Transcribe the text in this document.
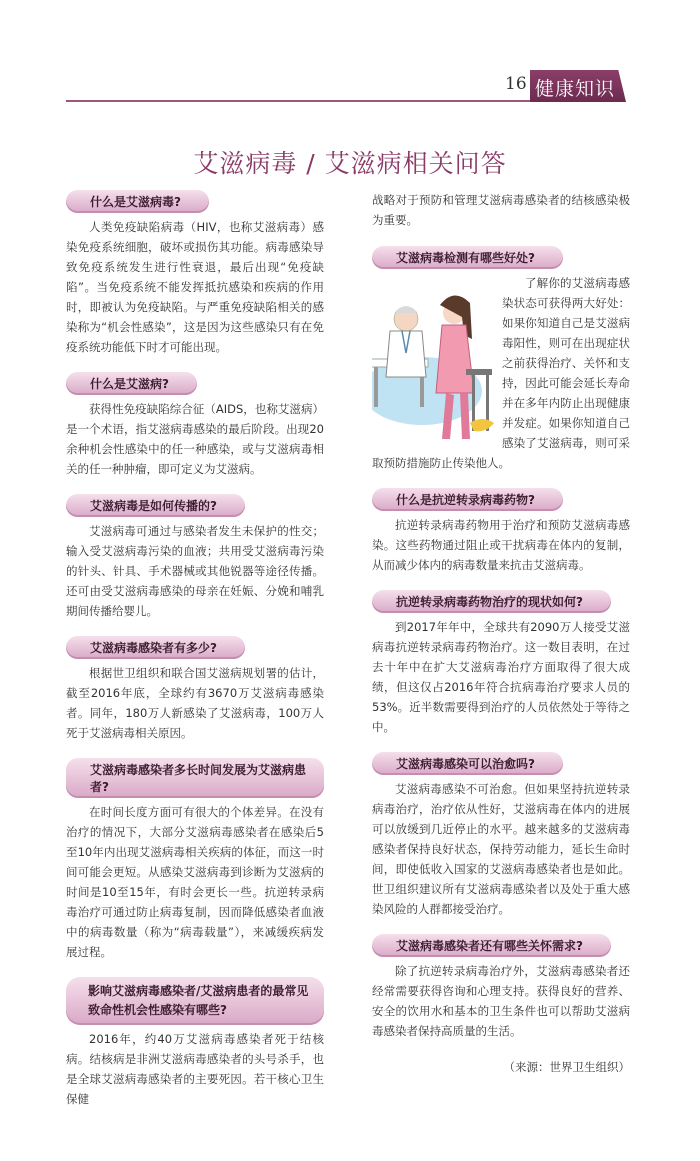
16 健康知识
艾滋病毒 / 艾滋病相关问答
什么是艾滋病毒?

人类免疫缺陷病毒（HIV，也称艾滋病毒）感染免疫系统细胞，破坏或损伤其功能。病毒感染导致免疫系统发生进行性衰退，最后出现“免疫缺陷”。当免疫系统不能发挥抵抗感染和疾病的作用时，即被认为免疫缺陷。与严重免疫缺陷相关的感染称为“机会性感染”，这是因为这些感染只有在免疫系统功能低下时才可能出现。

什么是艾滋病?

获得性免疫缺陷综合征（AIDS，也称艾滋病）是一个术语，指艾滋病毒感染的最后阶段。出现20余种机会性感染中的任一种感染，或与艾滋病毒相关的任一种肿瘤，即可定义为艾滋病。

艾滋病毒是如何传播的?

艾滋病毒可通过与感染者发生未保护的性交；输入受艾滋病毒污染的血液；共用受艾滋病毒污染的针头、针具、手术器械或其他锐器等途径传播。还可由受艾滋病毒感染的母亲在妊娠、分娩和哺乳期间传播给婴儿。

艾滋病毒感染者有多少?

根据世卫组织和联合国艾滋病规划署的估计，截至2016年底，全球约有3670万艾滋病毒感染者。同年，180万人新感染了艾滋病毒，100万人死于艾滋病毒相关原因。

艾滋病毒感染者多长时间发展为艾滋病患者?

在时间长度方面可有很大的个体差异。在没有治疗的情况下，大部分艾滋病毒感染者在感染后5至10年内出现艾滋病毒相关疾病的体征，而这一时间可能会更短。从感染艾滋病毒到诊断为艾滋病的时间是10至15年，有时会更长一些。抗逆转录病毒治疗可通过防止病毒复制，因而降低感染者血液中的病毒数量（称为“病毒载量”），来减缓疾病发展过程。

影响艾滋病毒感染者/艾滋病患者的最常见致命性机会性感染有哪些?

2016年，约40万艾滋病毒感染者死于结核病。结核病是非洲艾滋病毒感染者的头号杀手，也是全球艾滋病毒感染者的主要死因。若干核心卫生保健

战略对于预防和管理艾滋病毒感染者的结核感染极为重要。

艾滋病毒检测有哪些好处?

了解你的艾滋病毒感染状态可获得两大好处：如果你知道自己是艾滋病毒阳性，则可在出现症状之前获得治疗、关怀和支持，因此可能会延长寿命并在多年内防止出现健康并发症。如果你知道自己感染了艾滋病毒，则可采取预防措施防止传染他人。

什么是抗逆转录病毒药物?

抗逆转录病毒药物用于治疗和预防艾滋病毒感染。这些药物通过阻止或干扰病毒在体内的复制，从而减少体内的病毒数量来抗击艾滋病毒。

抗逆转录病毒药物治疗的现状如何?

到2017年年中，全球共有2090万人接受艾滋病毒抗逆转录病毒药物治疗。这一数目表明，在过去十年中在扩大艾滋病毒治疗方面取得了很大成绩，但这仅占2016年符合抗病毒治疗要求人员的53%。近半数需要得到治疗的人员依然处于等待之中。

艾滋病毒感染可以治愈吗?

艾滋病毒感染不可治愈。但如果坚持抗逆转录病毒治疗，治疗依从性好，艾滋病毒在体内的进展可以放缓到几近停止的水平。越来越多的艾滋病毒感染者保持良好状态，保持劳动能力，延长生命时间，即使低收入国家的艾滋病毒感染者也是如此。世卫组织建议所有艾滋病毒感染者以及处于重大感染风险的人群都接受治疗。

艾滋病毒感染者还有哪些关怀需求?

除了抗逆转录病毒治疗外，艾滋病毒感染者还经常需要获得咨询和心理支持。获得良好的营养、安全的饮用水和基本的卫生条件也可以帮助艾滋病毒感染者保持高质量的生活。

（来源：世界卫生组织）
